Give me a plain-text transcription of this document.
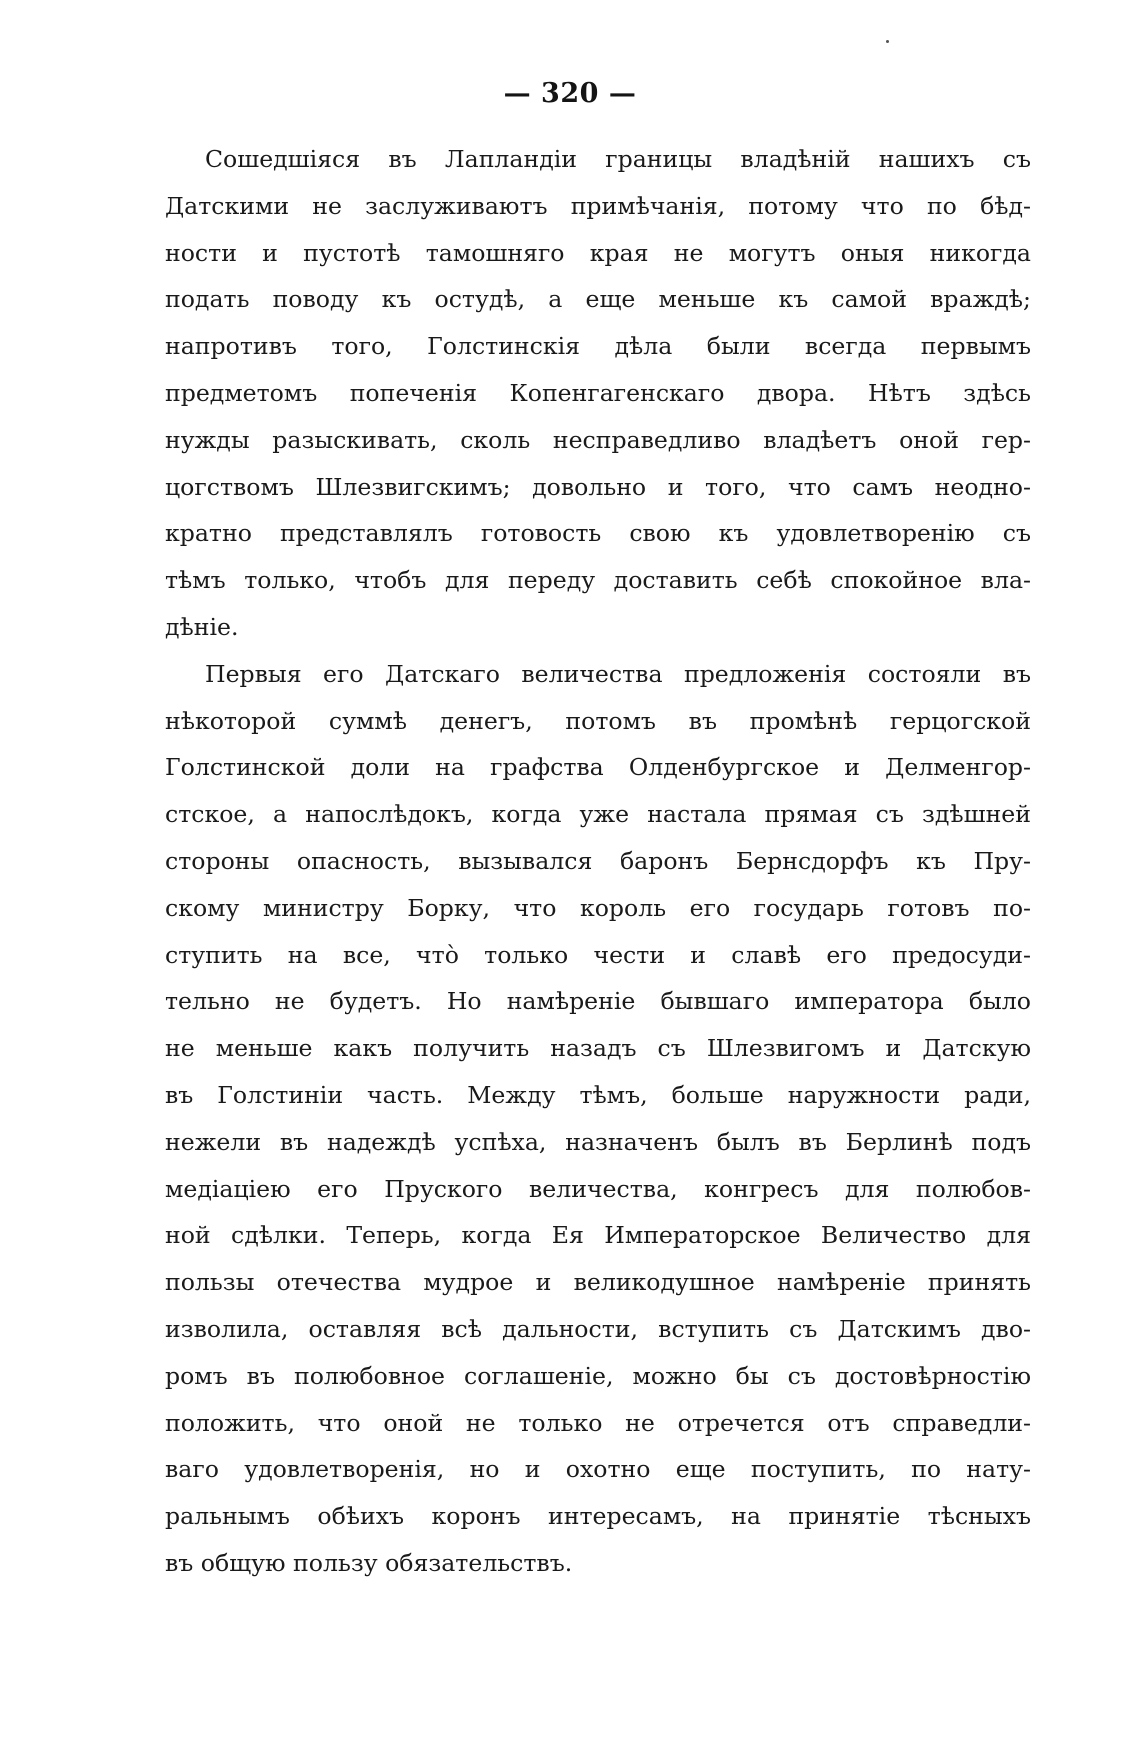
— 320 —
Сошедшіяся въ Лапландіи границы владѣній нашихъ съ
Датскими не заслуживаютъ примѣчанія, потому что по бѣд-
ности и пустотѣ тамошняго края не могутъ оныя никогда
подать поводу къ остудѣ, а еще меньше къ самой враждѣ;
напротивъ того, Голстинскія дѣла были всегда первымъ
предметомъ попеченія Копенгагенскаго двора. Нѣтъ здѣсь
нужды разыскивать, сколь несправедливо владѣетъ оной гер-
цогствомъ Шлезвигскимъ; довольно и того, что самъ неодно-
кратно представлялъ готовость свою къ удовлетворенію съ
тѣмъ только, чтобъ для переду доставить себѣ спокойное вла-
дѣніе.
Первыя его Датскаго величества предложенія состояли въ
нѣкоторой суммѣ денегъ, потомъ въ промѣнѣ герцогской
Голстинской доли на графства Олденбургское и Делменгор-
стское, а напослѣдокъ, когда уже настала прямая съ здѣшней
стороны опасность, вызывался баронъ Бернсдорфъ къ Пру-
скому министру Борку, что король его государь готовъ по-
ступить на все, что̀ только чести и славѣ его предосуди-
тельно не будетъ. Но намѣреніе бывшаго императора было
не меньше какъ получить назадъ съ Шлезвигомъ и Датскую
въ Голстиніи часть. Между тѣмъ, больше наружности ради,
нежели въ надеждѣ успѣха, назначенъ былъ въ Берлинѣ подъ
медіаціею его Пруского величества, конгресъ для полюбов-
ной сдѣлки. Теперь, когда Ея Императорское Величество для
пользы отечества мудрое и великодушное намѣреніе принять
изволила, оставляя всѣ дальности, вступить съ Датскимъ дво-
ромъ въ полюбовное соглашеніе, можно бы съ достовѣрностію
положить, что оной не только не отречется отъ справедли-
ваго удовлетворенія, но и охотно еще поступить, по нату-
ральнымъ обѣихъ коронъ интересамъ, на принятіе тѣсныхъ
въ общую пользу обязательствъ.
